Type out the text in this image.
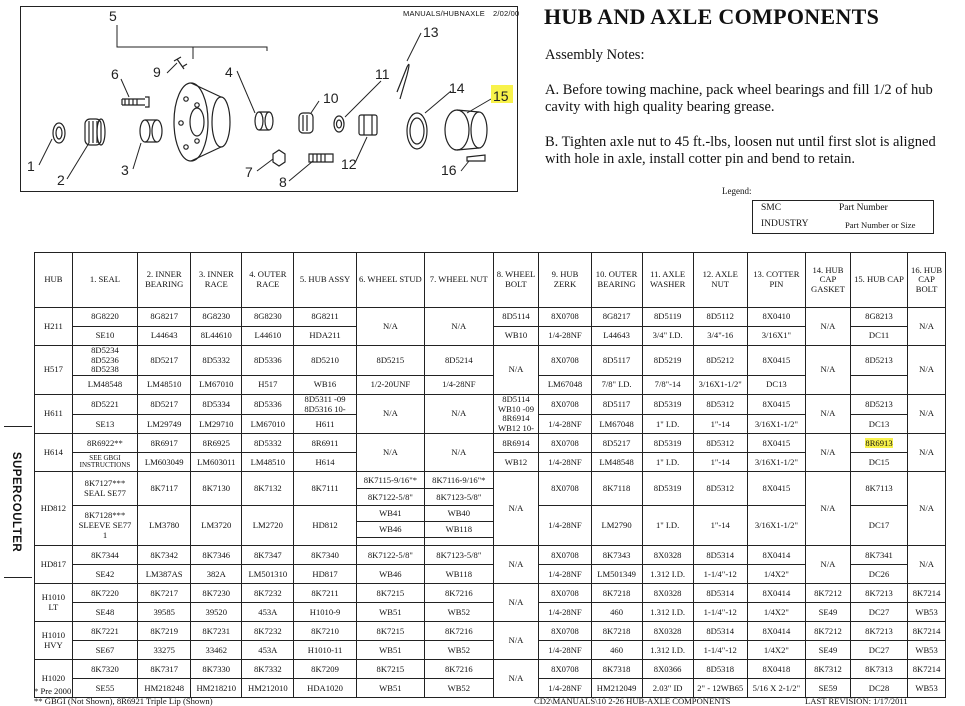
MANUALS/HUBNAXLE 2/02/00
1
2
3
4
5
6 9
7
8
10
11
12
13
14 15
16
HUB AND AXLE COMPONENTS
Assembly Notes:
A. Before towing machine, pack wheel bearings and fill 1/2 of hub cavity with high quality bearing grease.
B. Tighten axle nut to 45 ft.-lbs, loosen nut until first slot is aligned with hole in axle, install cotter pin and bend to retain.
Legend:
SMC	Part Number
INDUSTRY	Part Number or Size
SUPERCOULTER
HUB	1. SEAL	2. INNER BEARING	3. INNER RACE	4. OUTER RACE	5. HUB ASSY	6. WHEEL STUD	7. WHEEL NUT	8. WHEEL BOLT	9. HUB ZERK	10. OUTER BEARING	11. AXLE WASHER	12. AXLE NUT	13. COTTER PIN	14. HUB CAP GASKET	15. HUB CAP	16. HUB CAP BOLT
H211	8G8220	8G8217	8G8230	8G8230	8G8211	N/A	N/A	8D5114	8X0708	8G8217	8D5119	8D5112	8X0410	N/A	8G8213	N/A
	SE10	L44643	8L44610	L44610	HDA211			WB10	1/4-28NF	L44643	3/4" I.D.	3/4"-16	3/16X1"		DC11	
H517	8D5234
8D5236
8D5238	8D5217	8D5332	8D5336	8D5210	8D5215	8D5214	N/A	8X0708	8D5117	8D5219	8D5212	8X0415	N/A	8D5213	N/A
	LM48548	LM48510	LM67010	H517	WB16	1/2-20UNF	1/4-28NF		LM67048	7/8" I.D.	7/8"-14	3/16X1-1/2"	DC13			
H611	8D5221	8D5217	8D5334	8D5336	8D5311 -09
8D5316 10-	N/A	N/A	8D5114
WB10 -09
8R6914
WB12 10-	8X0708	8D5117	8D5319	8D5312	8X0415	N/A	8D5213	N/A
	SE13	LM29749	LM29710	LM67010	H611				1/4-28NF	LM67048	1" I.D.	1"-14	3/16X1-1/2"		DC13	
H614	8R6922**	8R6917	8R6925	8D5332	8R6911	N/A	N/A	8R6914	8X0708	8D5217	8D5319	8D5312	8X0415	N/A	8R6913	N/A
	SEE GBGI INSTRUCTIONS	LM603049	LM603011	LM48510	H614			WB12	1/4-28NF	LM48548	1" I.D.	1"-14	3/16X1-1/2"		DC15	
HD812	8K7127***
SEAL SE77	8K7117	8K7130	8K7132	8K7111	8K7115-9/16"*	8K7116-9/16"*	N/A	8X0708	8K7118	8D5319	8D5312	8X0415	N/A	8K7113	N/A
						8K7122-5/8"	8K7123-5/8"									
	8K7128***
SLEEVE SE77
1	LM3780	LM3720	LM2720	HD812	WB41	WB40		1/4-28NF	LM2790	1" I.D.	1"-14	3/16X1-1/2"		DC17	
						WB46	WB118									

HD817	8K7344	8K7342	8K7346	8K7347	8K7340	8K7122-5/8"	8K7123-5/8"	N/A	8X0708	8K7343	8X0328	8D5314	8X0414	N/A	8K7341	N/A
	SE42	LM387AS	382A	LM501310	HD817	WB46	WB118		1/4-28NF	LM501349	1.312 I.D.	1-1/4"-12	1/4X2"		DC26	
H1010
LT	8K7220	8K7217	8K7230	8K7232	8K7211	8K7215	8K7216	N/A	8X0708	8K7218	8X0328	8D5314	8X0414	8K7212	8K7213	8K7214
	SE48	39585	39520	453A	H1010-9	WB51	WB52		1/4-28NF	460	1.312 I.D.	1-1/4"-12	1/4X2"	SE49	DC27	WB53
H1010
HVY	8K7221	8K7219	8K7231	8K7232	8K7210	8K7215	8K7216	N/A	8X0708	8K7218	8X0328	8D5314	8X0414	8K7212	8K7213	8K7214
	SE67	33275	33462	453A	H1010-11	WB51	WB52		1/4-28NF	460	1.312 I.D.	1-1/4"-12	1/4X2"	SE49	DC27	WB53
H1020	8K7320	8K7317	8K7330	8K7332	8K7209	8K7215	8K7216	N/A	8X0708	8K7318	8X0366	8D5318	8X0418	8K7312	8K7313	8K7214
	SE55	HM218248	HM218210	HM212010	HDA1020	WB51	WB52		1/4-28NF	HM212049	2.03" ID	2" - 12WB65	5/16 X 2-1/2"	SE59	DC28	WB53
* Pre 2000
** GBGI (Not Shown), 8R6921 Triple Lip (Shown)	CD2\MANUALS\10 2-26 HUB-AXLE COMPONENTS	LAST REVISION: 1/17/2011
